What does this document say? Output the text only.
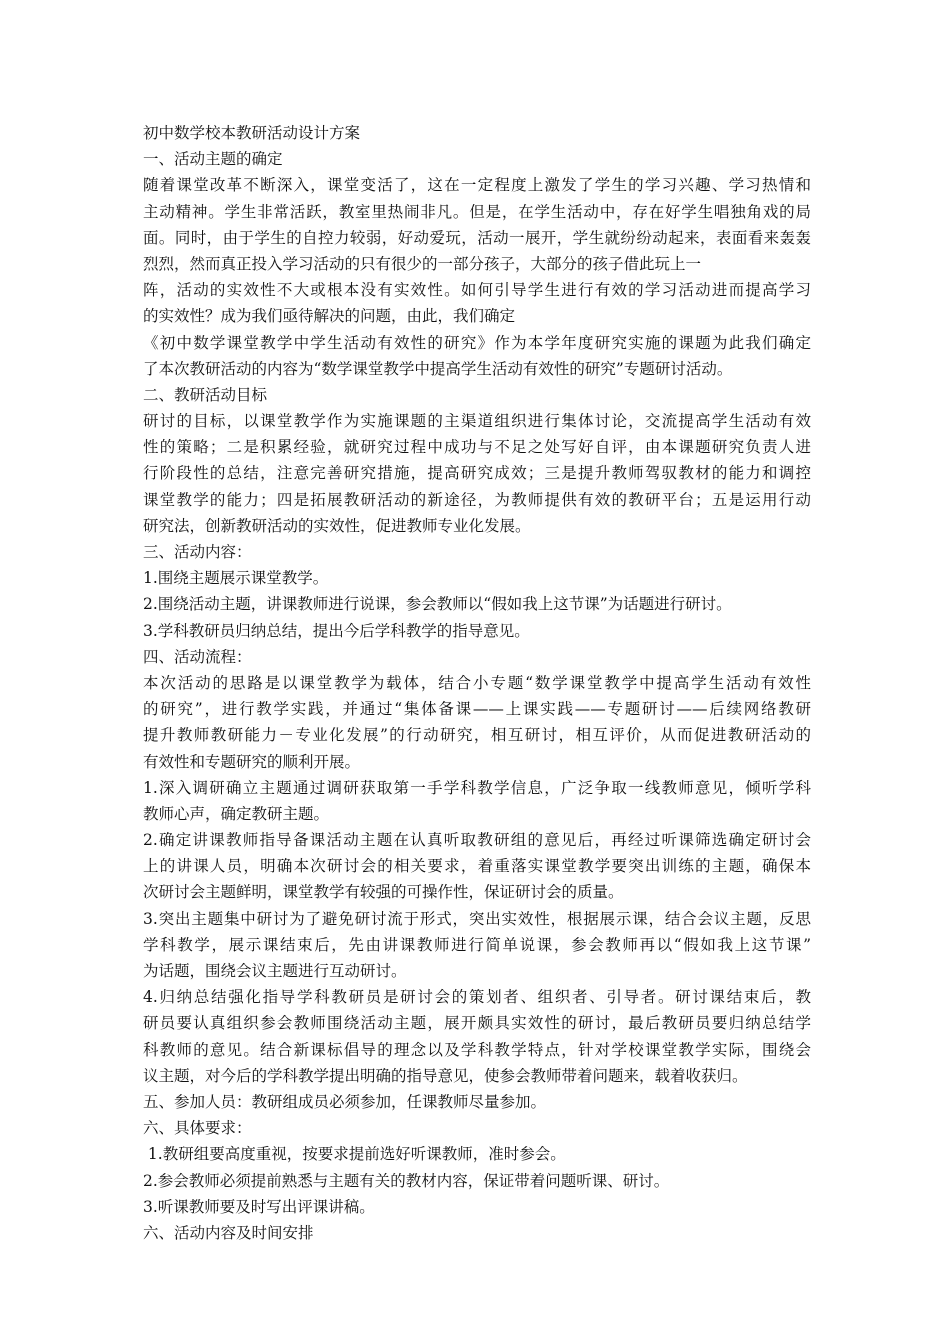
初中数学校本教研活动设计方案
一、活动主题的确定
随着课堂改革不断深入，课堂变活了，这在一定程度上激发了学生的学习兴趣、学习热情和
主动精神。学生非常活跃，教室里热闹非凡。但是，在学生活动中，存在好学生唱独角戏的局
面。同时，由于学生的自控力较弱，好动爱玩，活动一展开，学生就纷纷动起来，表面看来轰轰
烈烈，然而真正投入学习活动的只有很少的一部分孩子，大部分的孩子借此玩上一
阵，活动的实效性不大或根本没有实效性。如何引导学生进行有效的学习活动进而提高学习
的实效性？成为我们亟待解决的问题，由此，我们确定
《初中数学课堂教学中学生活动有效性的研究》作为本学年度研究实施的课题为此我们确定
了本次教研活动的内容为“数学课堂教学中提高学生活动有效性的研究”专题研讨活动。
二、教研活动目标
研讨的目标，以课堂教学作为实施课题的主渠道组织进行集体讨论，交流提高学生活动有效
性的策略；二是积累经验，就研究过程中成功与不足之处写好自评，由本课题研究负责人进
行阶段性的总结，注意完善研究措施，提高研究成效；三是提升教师驾驭教材的能力和调控
课堂教学的能力；四是拓展教研活动的新途径，为教师提供有效的教研平台；五是运用行动
研究法，创新教研活动的实效性，促进教师专业化发展。
三、活动内容：
1.围绕主题展示课堂教学。
2.围绕活动主题，讲课教师进行说课，参会教师以“假如我上这节课”为话题进行研讨。
3.学科教研员归纳总结，提出今后学科教学的指导意见。
四、活动流程：
本次活动的思路是以课堂教学为载体，结合小专题“数学课堂教学中提高学生活动有效性
的研究”，进行教学实践，并通过“集体备课——上课实践——专题研讨——后续网络教研
提升教师教研能力－专业化发展”的行动研究，相互研讨，相互评价，从而促进教研活动的
有效性和专题研究的顺利开展。
1.深入调研确立主题通过调研获取第一手学科教学信息，广泛争取一线教师意见，倾听学科
教师心声，确定教研主题。
2.确定讲课教师指导备课活动主题在认真听取教研组的意见后，再经过听课筛选确定研讨会
上的讲课人员，明确本次研讨会的相关要求，着重落实课堂教学要突出训练的主题，确保本
次研讨会主题鲜明，课堂教学有较强的可操作性，保证研讨会的质量。
3.突出主题集中研讨为了避免研讨流于形式，突出实效性，根据展示课，结合会议主题，反思
学科教学，展示课结束后，先由讲课教师进行简单说课，参会教师再以“假如我上这节课”
为话题，围绕会议主题进行互动研讨。
4.归纳总结强化指导学科教研员是研讨会的策划者、组织者、引导者。研讨课结束后，教
研员要认真组织参会教师围绕活动主题，展开颇具实效性的研讨，最后教研员要归纳总结学
科教师的意见。结合新课标倡导的理念以及学科教学特点，针对学校课堂教学实际，围绕会
议主题，对今后的学科教学提出明确的指导意见，使参会教师带着问题来，载着收获归。
五、参加人员：教研组成员必须参加，任课教师尽量参加。
六、具体要求：
1.教研组要高度重视，按要求提前选好听课教师，准时参会。
2.参会教师必须提前熟悉与主题有关的教材内容，保证带着问题听课、研讨。
3.听课教师要及时写出评课讲稿。
六、活动内容及时间安排
